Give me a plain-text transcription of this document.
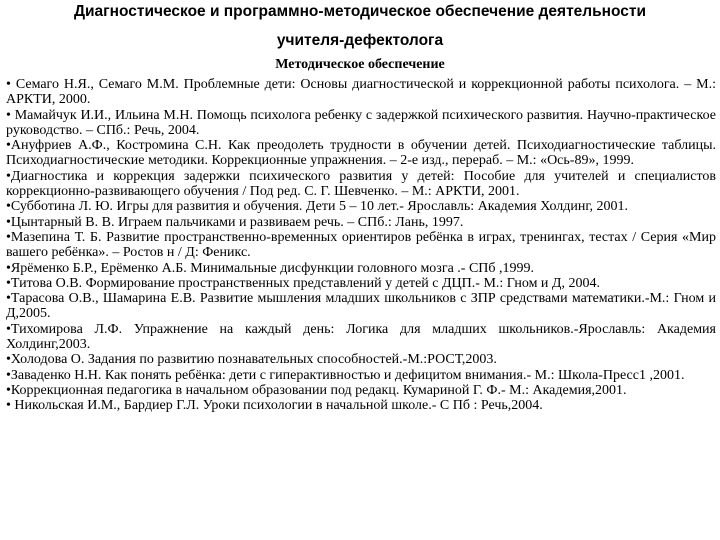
Диагностическое и программно-методическое обеспечение деятельности
учителя-дефектолога
Методическое обеспечение
• Семаго Н.Я., Семаго М.М. Проблемные дети: Основы диагностической и коррекционной работы психолога. – М.: АРКТИ, 2000.
• Мамайчук И.И., Ильина М.Н. Помощь психолога ребенку с задержкой психического развития. Научно-практическое руководство. – СПб.: Речь, 2004.
•Ануфриев А.Ф., Костромина С.Н. Как преодолеть трудности в обучении детей. Психодиагностические таблицы. Психодиагностические методики. Коррекционные упражнения. – 2-е изд., перераб. – М.: «Ось-89», 1999.
•Диагностика и коррекция задержки психического развития у детей: Пособие для учителей и специалистов коррекционно-развивающего обучения / Под ред. С. Г. Шевченко. – М.: АРКТИ, 2001.
•Субботина Л. Ю. Игры для развития и обучения. Дети 5 – 10 лет.- Ярославль: Академия Холдинг, 2001.
•Цынтарный В. В. Играем пальчиками и развиваем речь. – СПб.: Лань, 1997.
•Мазепина Т. Б. Развитие пространственно-временных ориентиров ребёнка в играх, тренингах, тестах / Серия «Мир вашего ребёнка». – Ростов н / Д: Феникс.
•Ярёменко Б.Р., Ерёменко А.Б. Минимальные дисфункции головного мозга .- СПб ,1999.
•Титова О.В. Формирование пространственных представлений у детей с ДЦП.- М.: Гном и Д, 2004.
•Тарасова О.В., Шамарина Е.В. Развитие мышления младших школьников с ЗПР средствами математики.-М.: Гном и Д,2005.
•Тихомирова Л.Ф. Упражнение на каждый день: Логика для младших школьников.-Ярославль: Академия Холдинг,2003.
•Холодова О. Задания по развитию познавательных способностей.-М.:РОСТ,2003.
•Заваденко Н.Н. Как понять ребёнка: дети с гиперактивностью и дефицитом внимания.- М.: Школа-Пресс1 ,2001.
•Коррекционная педагогика в начальном образовании под редакц. Кумариной Г. Ф.- М.: Академия,2001.
• Никольская И.М., Бардиер Г.Л. Уроки психологии в начальной школе.- С Пб : Речь,2004.
